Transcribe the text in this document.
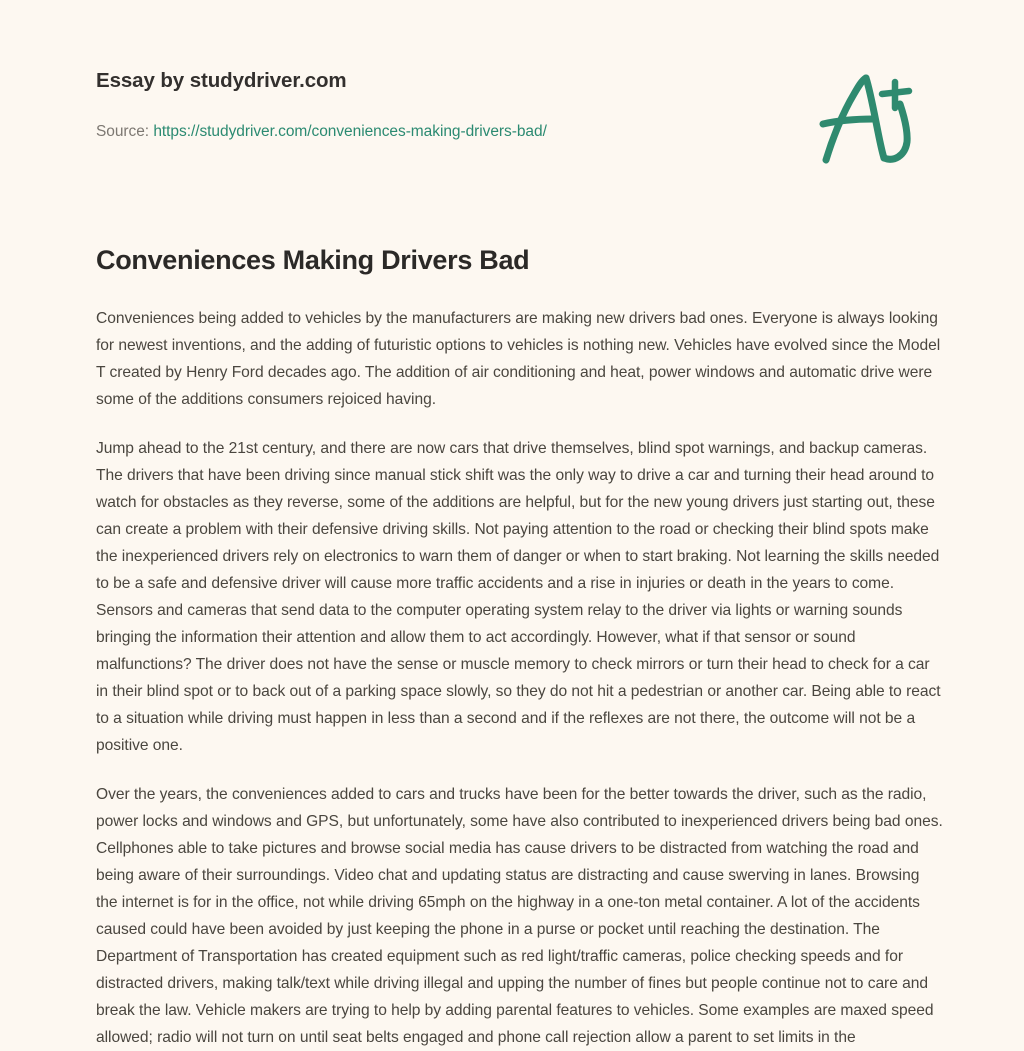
Essay by studydriver.com
Source: https://studydriver.com/conveniences-making-drivers-bad/
Conveniences Making Drivers Bad

Conveniences being added to vehicles by the manufacturers are making new drivers bad ones. Everyone is always looking for newest inventions, and the adding of futuristic options to vehicles is nothing new. Vehicles have evolved since the Model T created by Henry Ford decades ago. The addition of air conditioning and heat, power windows and automatic drive were some of the additions consumers rejoiced having.

Jump ahead to the 21st century, and there are now cars that drive themselves, blind spot warnings, and backup cameras. The drivers that have been driving since manual stick shift was the only way to drive a car and turning their head around to watch for obstacles as they reverse, some of the additions are helpful, but for the new young drivers just starting out, these can create a problem with their defensive driving skills. Not paying attention to the road or checking their blind spots make the inexperienced drivers rely on electronics to warn them of danger or when to start braking. Not learning the skills needed to be a safe and defensive driver will cause more traffic accidents and a rise in injuries or death in the years to come. Sensors and cameras that send data to the computer operating system relay to the driver via lights or warning sounds bringing the information their attention and allow them to act accordingly. However, what if that sensor or sound malfunctions? The driver does not have the sense or muscle memory to check mirrors or turn their head to check for a car in their blind spot or to back out of a parking space slowly, so they do not hit a pedestrian or another car. Being able to react to a situation while driving must happen in less than a second and if the reflexes are not there, the outcome will not be a positive one.

Over the years, the conveniences added to cars and trucks have been for the better towards the driver, such as the radio, power locks and windows and GPS, but unfortunately, some have also contributed to inexperienced drivers being bad ones. Cellphones able to take pictures and browse social media has cause drivers to be distracted from watching the road and being aware of their surroundings. Video chat and updating status are distracting and cause swerving in lanes. Browsing the internet is for in the office, not while driving 65mph on the highway in a one-ton metal container. A lot of the accidents caused could have been avoided by just keeping the phone in a purse or pocket until reaching the destination. The Department of Transportation has created equipment such as red light/traffic cameras, police checking speeds and for distracted drivers, making talk/text while driving illegal and upping the number of fines but people continue not to care and break the law. Vehicle makers are trying to help by adding parental features to vehicles. Some examples are maxed speed allowed; radio will not turn on until seat belts engaged and phone call rejection allow a parent to set limits in the
